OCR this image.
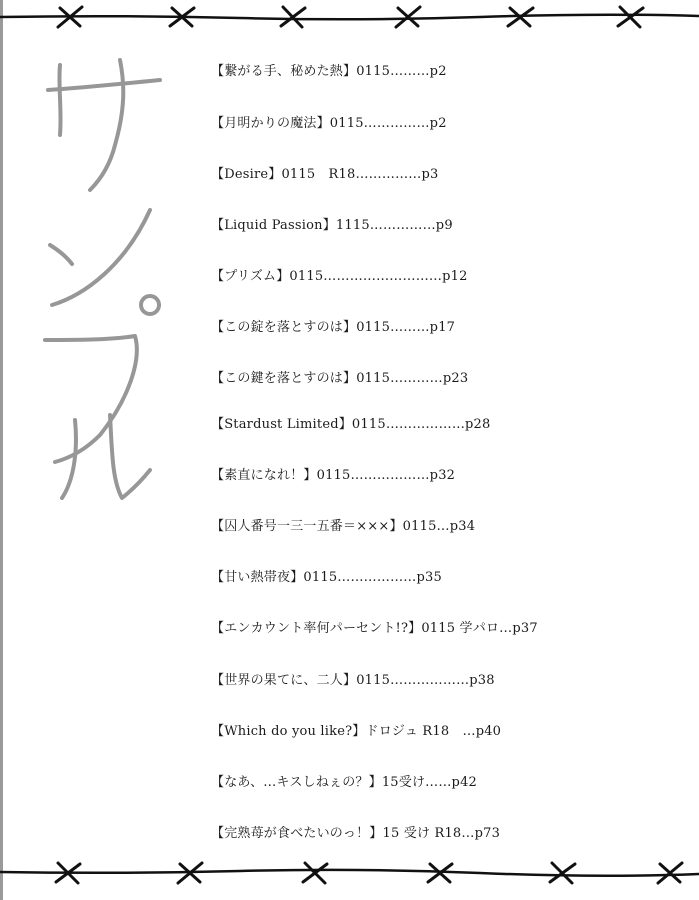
【繋がる手、秘めた熱】0115………p2
【月明かりの魔法】0115……………p2
【Desire】0115　R18……………p3
【Liquid Passion】1115……………p9
【プリズム】0115………………………p12
【この錠を落とすのは】0115………p17
【この鍵を落とすのは】0115…………p23
【Stardust Limited】0115………………p28
【素直になれ！】0115………………p32
【囚人番号一三一五番＝×××】0115…p34
【甘い熱帯夜】0115………………p35
【エンカウント率何パーセント!?】0115 学パロ…p37
【世界の果てに、二人】0115………………p38
【Which do you like?】ドロジュ R18　…p40
【なあ、…キスしねぇの？】15受け……p42
【完熟苺が食べたいのっ！】15 受け R18…p73
